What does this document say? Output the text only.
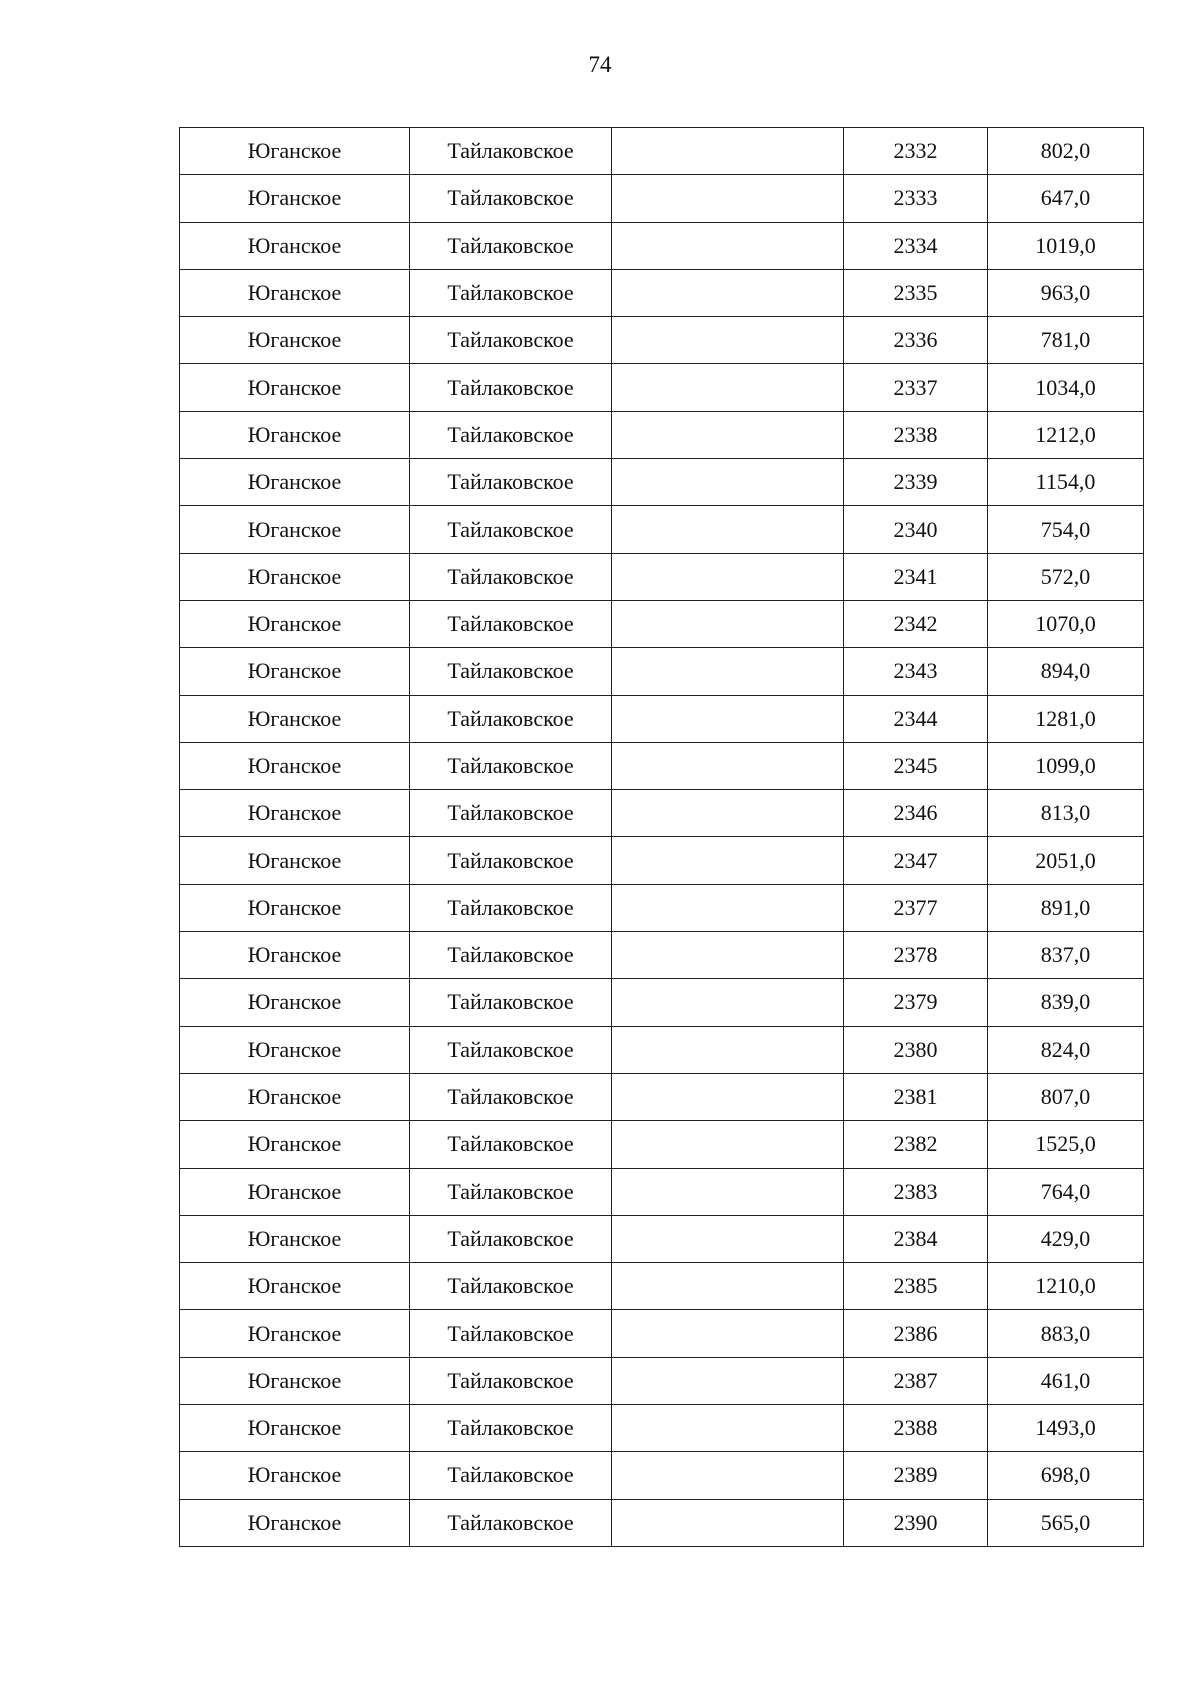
74
Юганское	Тайлаковское		2332	802,0
Юганское	Тайлаковское		2333	647,0
Юганское	Тайлаковское		2334	1019,0
Юганское	Тайлаковское		2335	963,0
Юганское	Тайлаковское		2336	781,0
Юганское	Тайлаковское		2337	1034,0
Юганское	Тайлаковское		2338	1212,0
Юганское	Тайлаковское		2339	1154,0
Юганское	Тайлаковское		2340	754,0
Юганское	Тайлаковское		2341	572,0
Юганское	Тайлаковское		2342	1070,0
Юганское	Тайлаковское		2343	894,0
Юганское	Тайлаковское		2344	1281,0
Юганское	Тайлаковское		2345	1099,0
Юганское	Тайлаковское		2346	813,0
Юганское	Тайлаковское		2347	2051,0
Юганское	Тайлаковское		2377	891,0
Юганское	Тайлаковское		2378	837,0
Юганское	Тайлаковское		2379	839,0
Юганское	Тайлаковское		2380	824,0
Юганское	Тайлаковское		2381	807,0
Юганское	Тайлаковское		2382	1525,0
Юганское	Тайлаковское		2383	764,0
Юганское	Тайлаковское		2384	429,0
Юганское	Тайлаковское		2385	1210,0
Юганское	Тайлаковское		2386	883,0
Юганское	Тайлаковское		2387	461,0
Юганское	Тайлаковское		2388	1493,0
Юганское	Тайлаковское		2389	698,0
Юганское	Тайлаковское		2390	565,0
